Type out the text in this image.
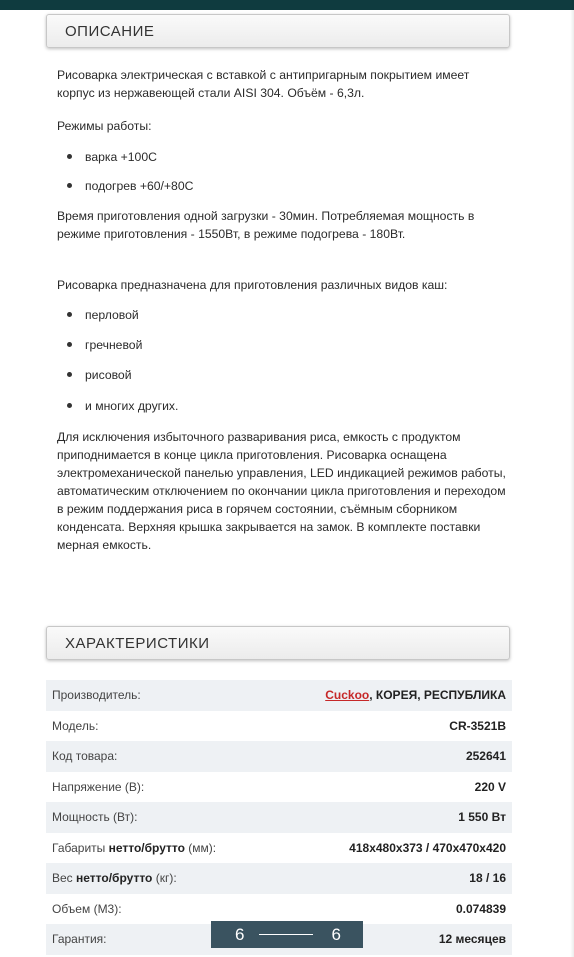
ОПИСАНИЕ

Рисоварка электрическая с вставкой с антипригарным покрытием имеет корпус из нержавеющей стали AISI 304. Объём - 6,3л.

Режимы работы:

варка +100С

подогрев +60/+80С

Время приготовления одной загрузки - 30мин. Потребляемая мощность в режиме приготовления - 1550Вт, в режиме подогрева - 180Вт.

Рисоварка предназначена для приготовления различных видов каш:

перловой

гречневой

рисовой

и многих других.

Для исключения избыточного разваривания риса, емкость с продуктом приподнимается в конце цикла приготовления. Рисоварка оснащена электромеханической панелью управления, LED индикацией режимов работы, автоматическим отключением по окончании цикла приготовления и переходом в режим поддержания риса в горячем состоянии, съёмным сборником конденсата. Верхняя крышка закрывается на замок. В комплекте поставки мерная емкость.

ХАРАКТЕРИСТИКИ
Производитель:	Cuckoo, КОРЕЯ, РЕСПУБЛИКА
Модель:	CR-3521B
Код товара:	252641
Напряжение (В):	220 V
Мощность (Вт):	1 550 Вт
Габариты нетто/брутто (мм):	418x480x373 / 470x470x420
Вес нетто/брутто (кг):	18 / 16
Объем (М3):	0.074839
Гарантия:	12 месяцев
6	6
